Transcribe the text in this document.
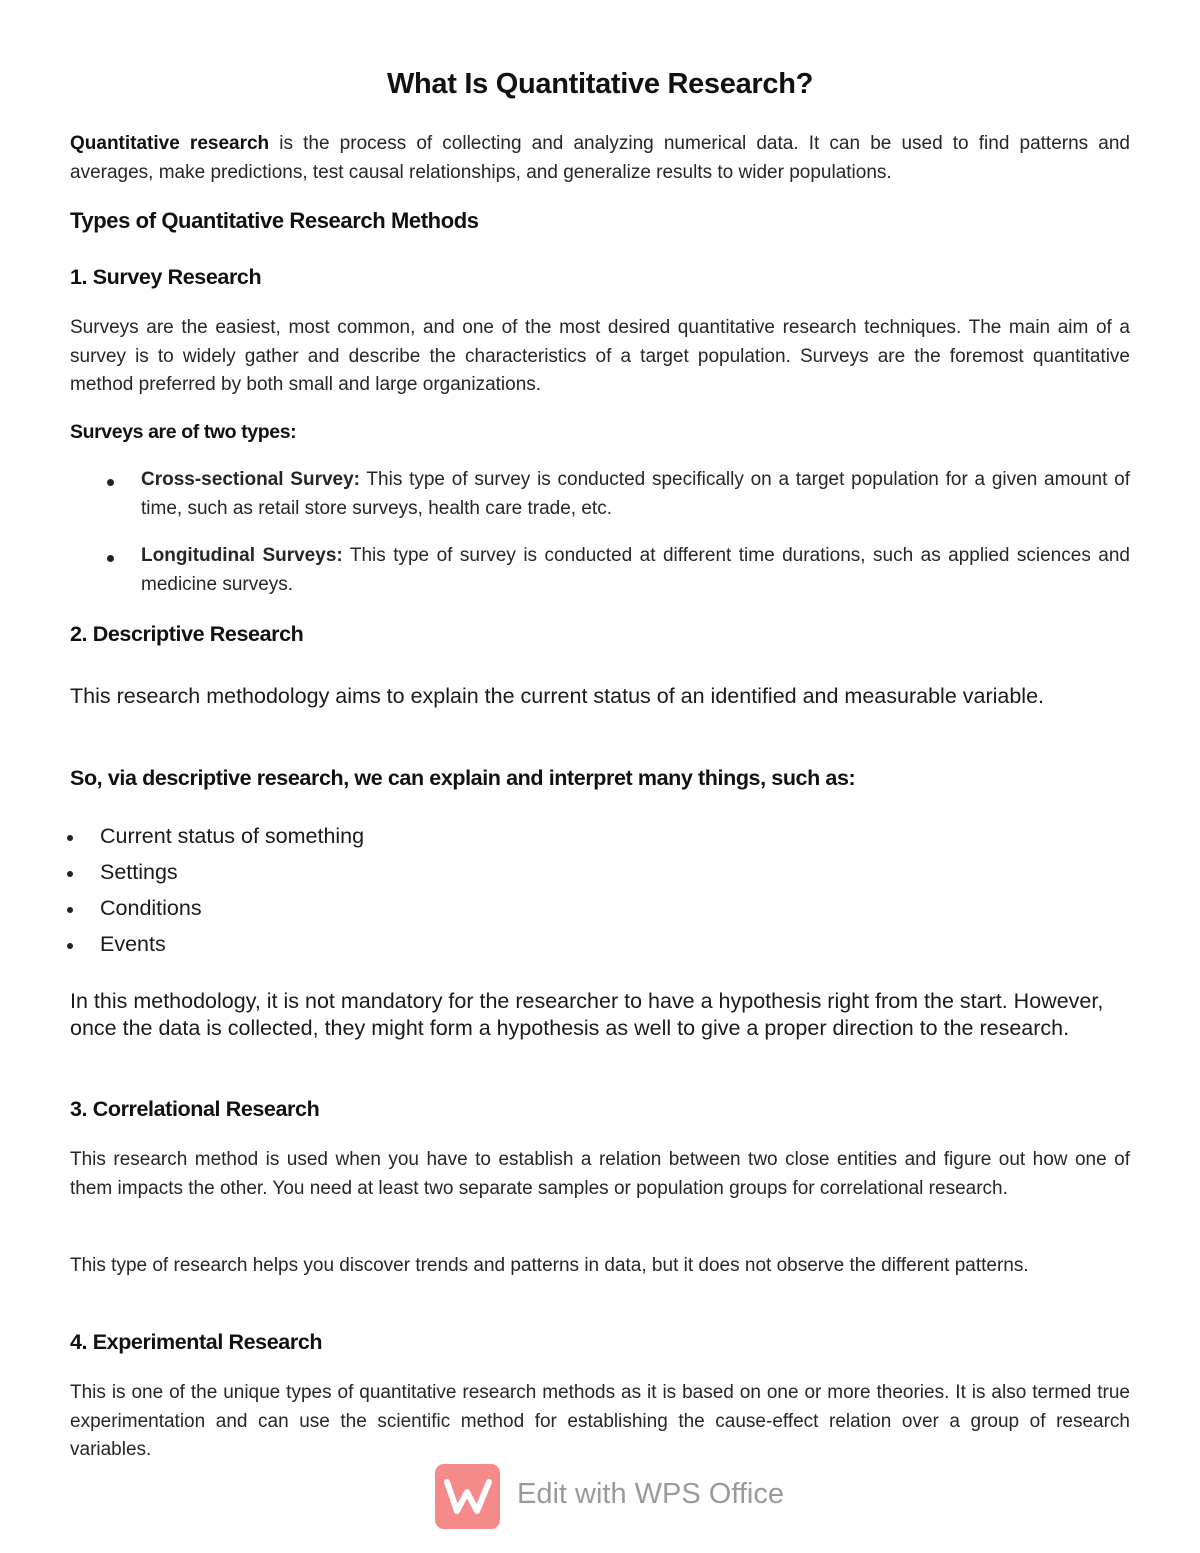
What Is Quantitative Research?

Quantitative research is the process of collecting and analyzing numerical data. It can be used to find patterns and averages, make predictions, test causal relationships, and generalize results to wider populations.

Types of Quantitative Research Methods
1. Survey Research

Surveys are the easiest, most common, and one of the most desired quantitative research techniques. The main aim of a survey is to widely gather and describe the characteristics of a target population. Surveys are the foremost quantitative method preferred by both small and large organizations.

Surveys are of two types:
Cross-sectional Survey: This type of survey is conducted specifically on a target population for a given amount of time, such as retail store surveys, health care trade, etc.
Longitudinal Surveys: This type of survey is conducted at different time durations, such as applied sciences and medicine surveys.
2. Descriptive Research

This research methodology aims to explain the current status of an identified and measurable variable.

So, via descriptive research, we can explain and interpret many things, such as:
Current status of something
Settings
Conditions
Events

In this methodology, it is not mandatory for the researcher to have a hypothesis right from the start. However, once the data is collected, they might form a hypothesis as well to give a proper direction to the research.

3. Correlational Research

This research method is used when you have to establish a relation between two close entities and figure out how one of them impacts the other. You need at least two separate samples or population groups for correlational research.

This type of research helps you discover trends and patterns in data, but it does not observe the different patterns.

4. Experimental Research

This is one of the unique types of quantitative research methods as it is based on one or more theories. It is also termed true experimentation and can use the scientific method for establishing the cause-effect relation over a group of research variables.

Edit with WPS Office
